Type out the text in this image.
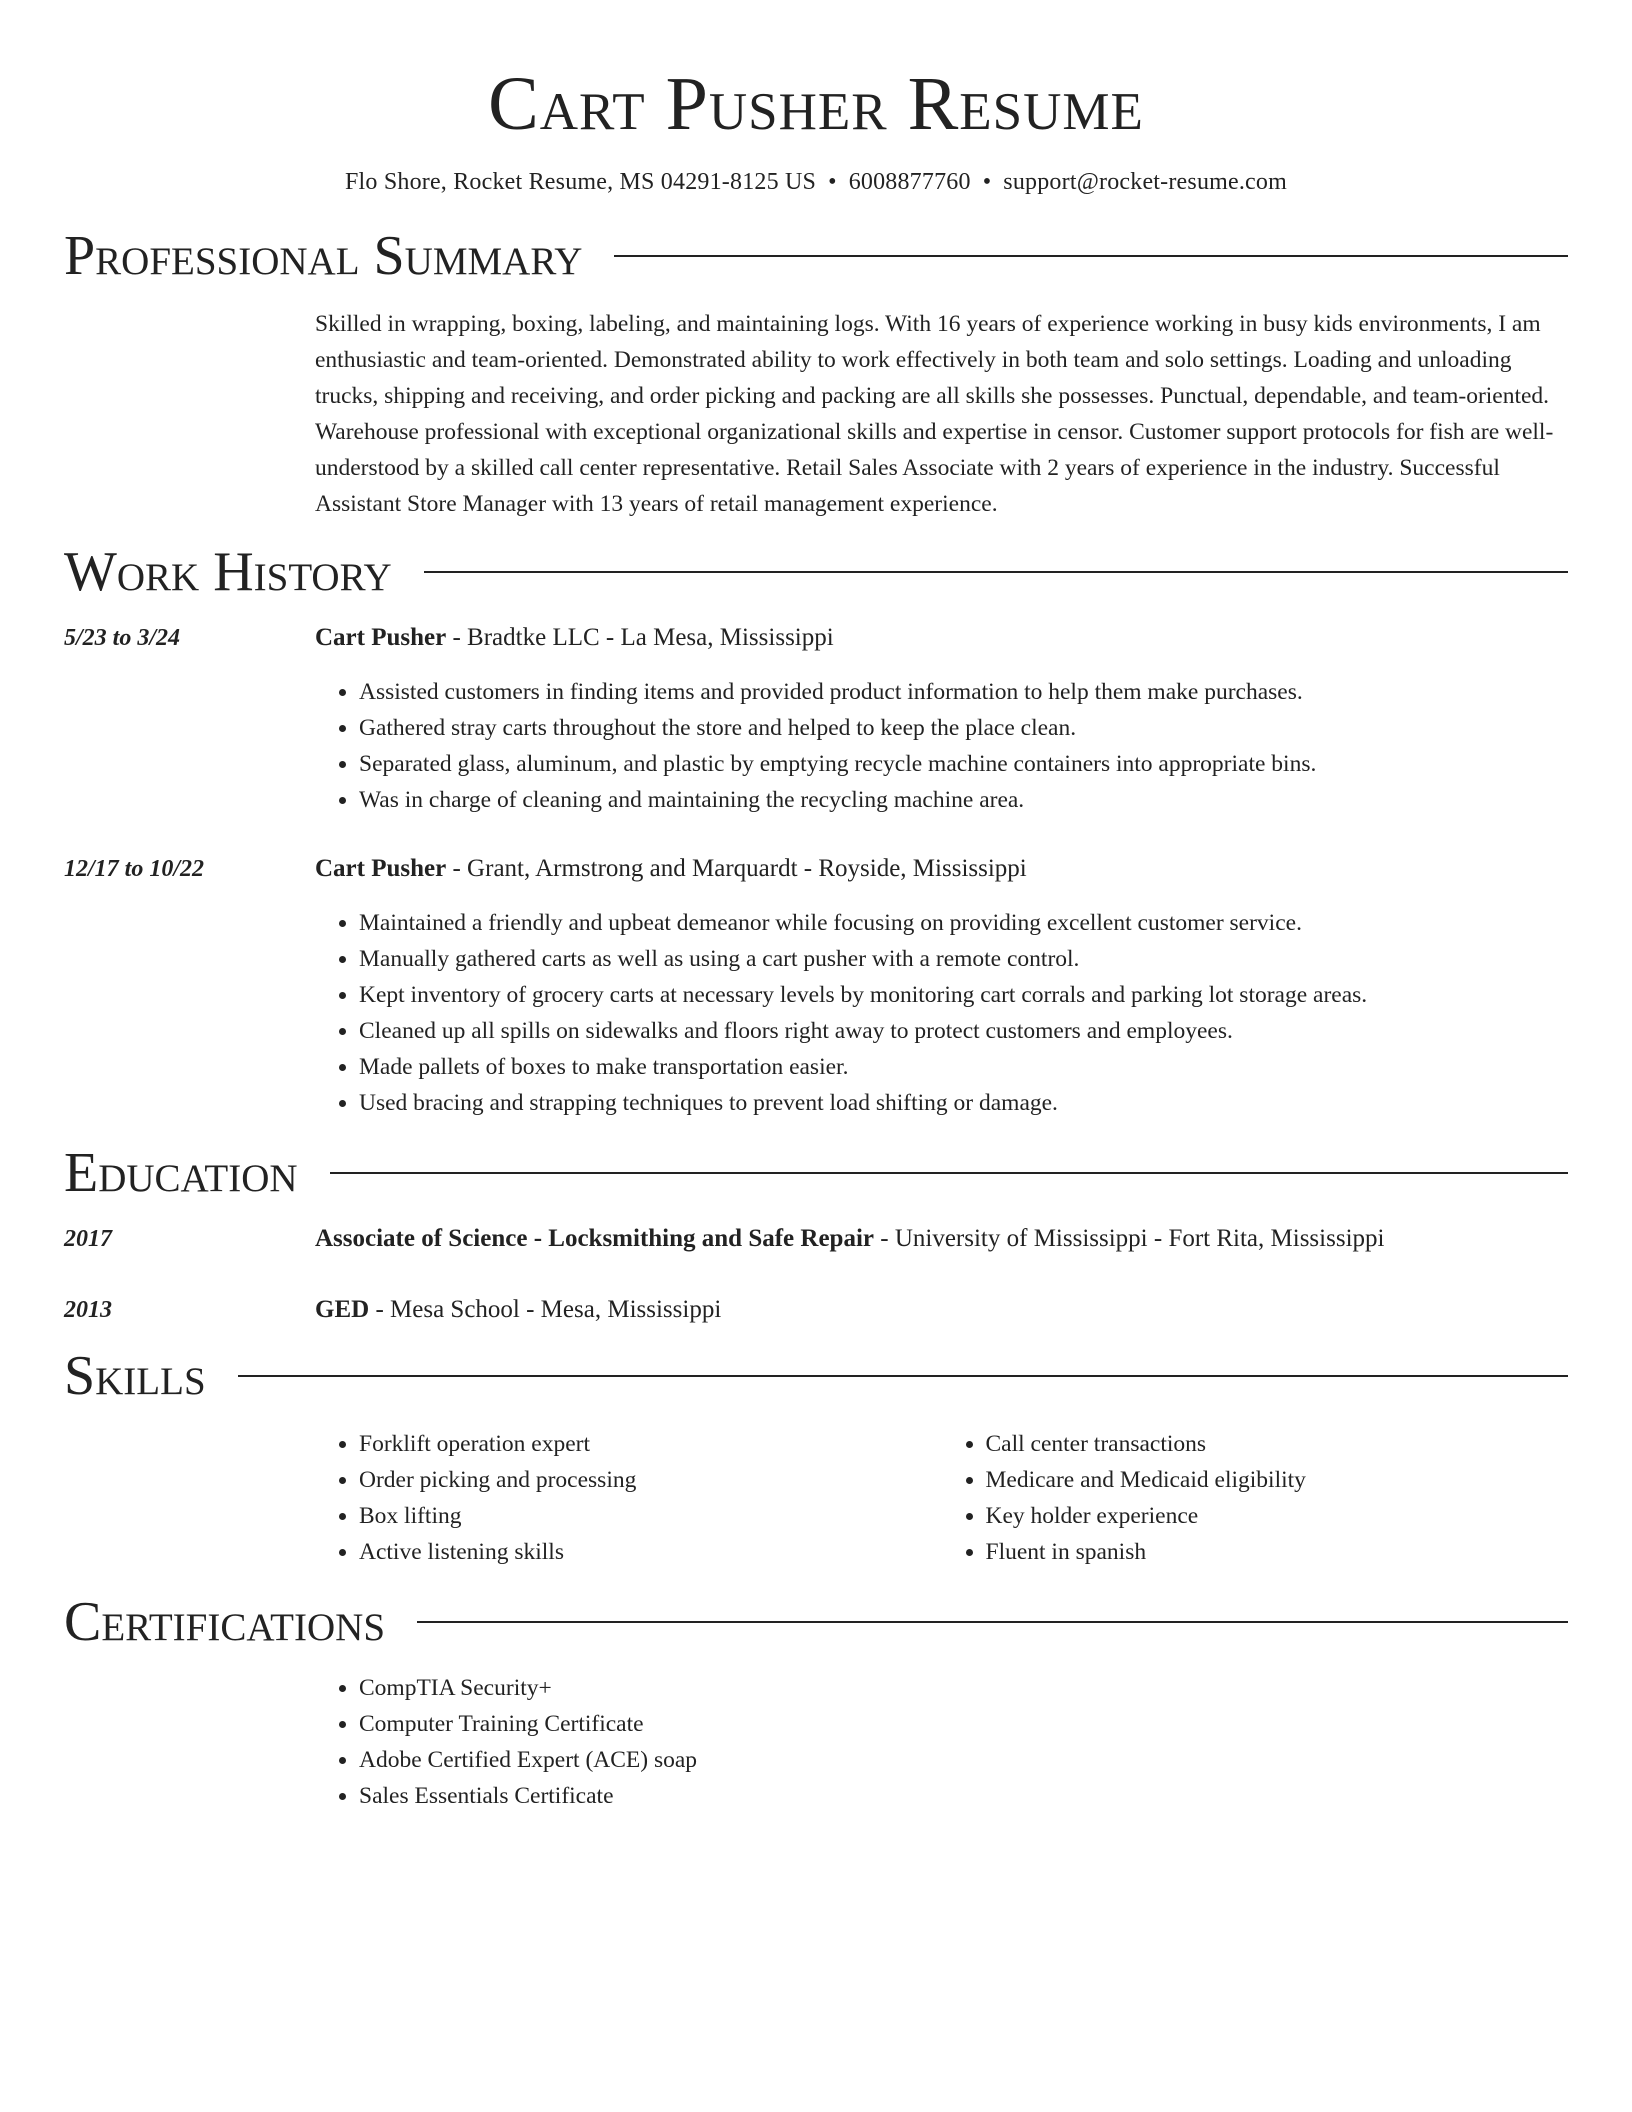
Cart Pusher Resume
Flo Shore, Rocket Resume, MS 04291-8125 US • 6008877760 • support@rocket-resume.com
Professional Summary
Skilled in wrapping, boxing, labeling, and maintaining logs. With 16 years of experience working in busy kids environments, I am enthusiastic and team-oriented. Demonstrated ability to work effectively in both team and solo settings. Loading and unloading trucks, shipping and receiving, and order picking and packing are all skills she possesses. Punctual, dependable, and team-oriented. Warehouse professional with exceptional organizational skills and expertise in censor. Customer support protocols for fish are well-understood by a skilled call center representative. Retail Sales Associate with 2 years of experience in the industry. Successful Assistant Store Manager with 13 years of retail management experience.
Work History
5/23 to 3/24	Cart Pusher - Bradtke LLC - La Mesa, Mississippi
• Assisted customers in finding items and provided product information to help them make purchases.
• Gathered stray carts throughout the store and helped to keep the place clean.
• Separated glass, aluminum, and plastic by emptying recycle machine containers into appropriate bins.
• Was in charge of cleaning and maintaining the recycling machine area.
12/17 to 10/22	Cart Pusher - Grant, Armstrong and Marquardt - Royside, Mississippi
• Maintained a friendly and upbeat demeanor while focusing on providing excellent customer service.
• Manually gathered carts as well as using a cart pusher with a remote control.
• Kept inventory of grocery carts at necessary levels by monitoring cart corrals and parking lot storage areas.
• Cleaned up all spills on sidewalks and floors right away to protect customers and employees.
• Made pallets of boxes to make transportation easier.
• Used bracing and strapping techniques to prevent load shifting or damage.
Education
2017	Associate of Science - Locksmithing and Safe Repair - University of Mississippi - Fort Rita, Mississippi
2013	GED - Mesa School - Mesa, Mississippi
Skills
• Forklift operation expert
• Order picking and processing
• Box lifting
• Active listening skills
• Call center transactions
• Medicare and Medicaid eligibility
• Key holder experience
• Fluent in spanish
Certifications
• CompTIA Security+
• Computer Training Certificate
• Adobe Certified Expert (ACE) soap
• Sales Essentials Certificate
